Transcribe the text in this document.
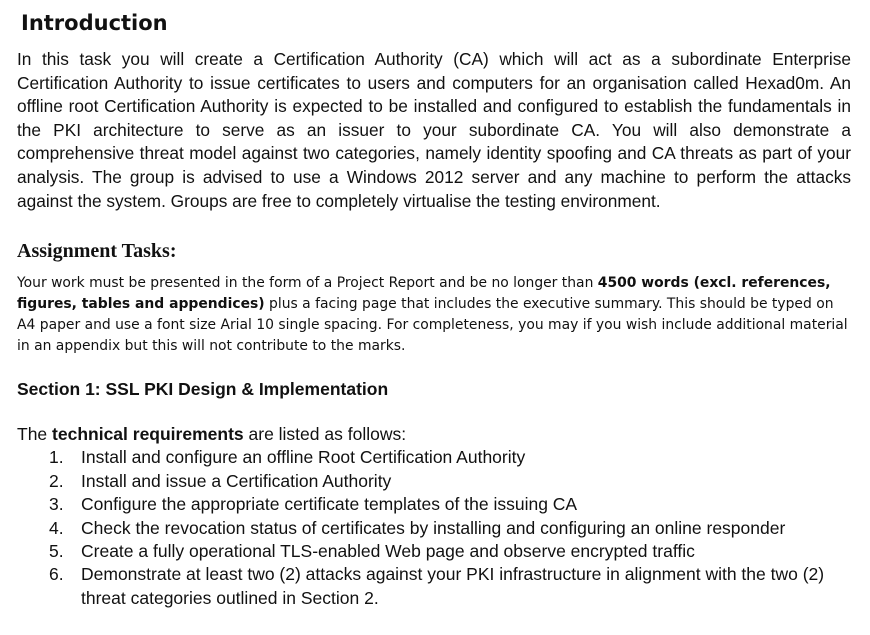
Introduction

In this task you will create a Certification Authority (CA) which will act as a subordinate Enterprise Certification Authority to issue certificates to users and computers for an organisation called Hexad0m. An offline root Certification Authority is expected to be installed and configured to establish the fundamentals in the PKI architecture to serve as an issuer to your subordinate CA. You will also demonstrate a comprehensive threat model against two categories, namely identity spoofing and CA threats as part of your analysis. The group is advised to use a Windows 2012 server and any machine to perform the attacks against the system. Groups are free to completely virtualise the testing environment.

Assignment Tasks:

Your work must be presented in the form of a Project Report and be no longer than 4500 words (excl. references, figures, tables and appendices) plus a facing page that includes the executive summary. This should be typed on A4 paper and use a font size Arial 10 single spacing. For completeness, you may if you wish include additional material in an appendix but this will not contribute to the marks.

Section 1: SSL PKI Design & Implementation

The technical requirements are listed as follows:

1. Install and configure an offline Root Certification Authority
2. Install and issue a Certification Authority
3. Configure the appropriate certificate templates of the issuing CA
4. Check the revocation status of certificates by installing and configuring an online responder
5. Create a fully operational TLS-enabled Web page and observe encrypted traffic
6. Demonstrate at least two (2) attacks against your PKI infrastructure in alignment with the two (2) threat categories outlined in Section 2.
